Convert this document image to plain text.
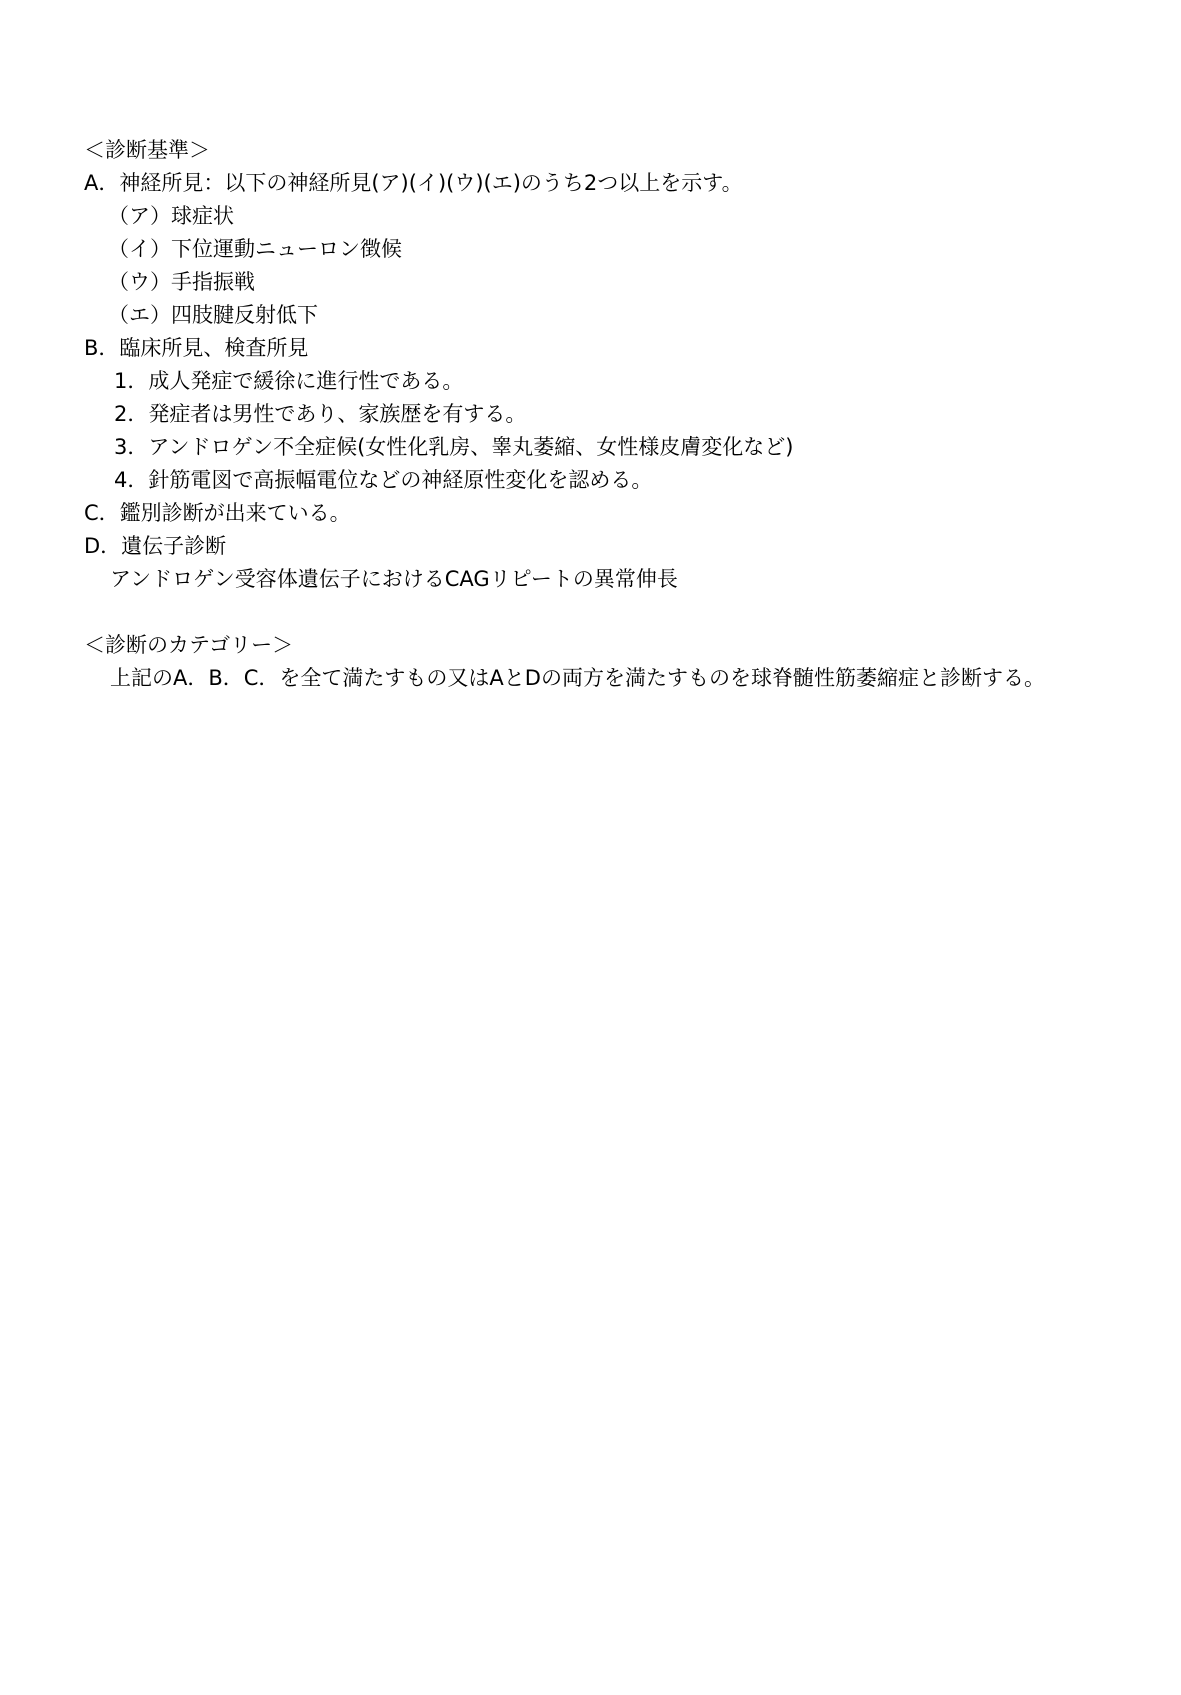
＜診断基準＞
A．神経所見：以下の神経所見(ア)(イ)(ウ)(エ)のうち2つ以上を示す。
（ア）球症状
（イ）下位運動ニューロン徴候
（ウ）手指振戦
（エ）四肢腱反射低下
B．臨床所見、検査所見
1．成人発症で緩徐に進行性である。
2．発症者は男性であり、家族歴を有する。
3．アンドロゲン不全症候(女性化乳房、睾丸萎縮、女性様皮膚変化など)
4．針筋電図で高振幅電位などの神経原性変化を認める。
C．鑑別診断が出来ている。
D．遺伝子診断
アンドロゲン受容体遺伝子におけるCAGリピートの異常伸長
＜診断のカテゴリー＞
上記のA．B．C．を全て満たすもの又はAとDの両方を満たすものを球脊髄性筋萎縮症と診断する。
